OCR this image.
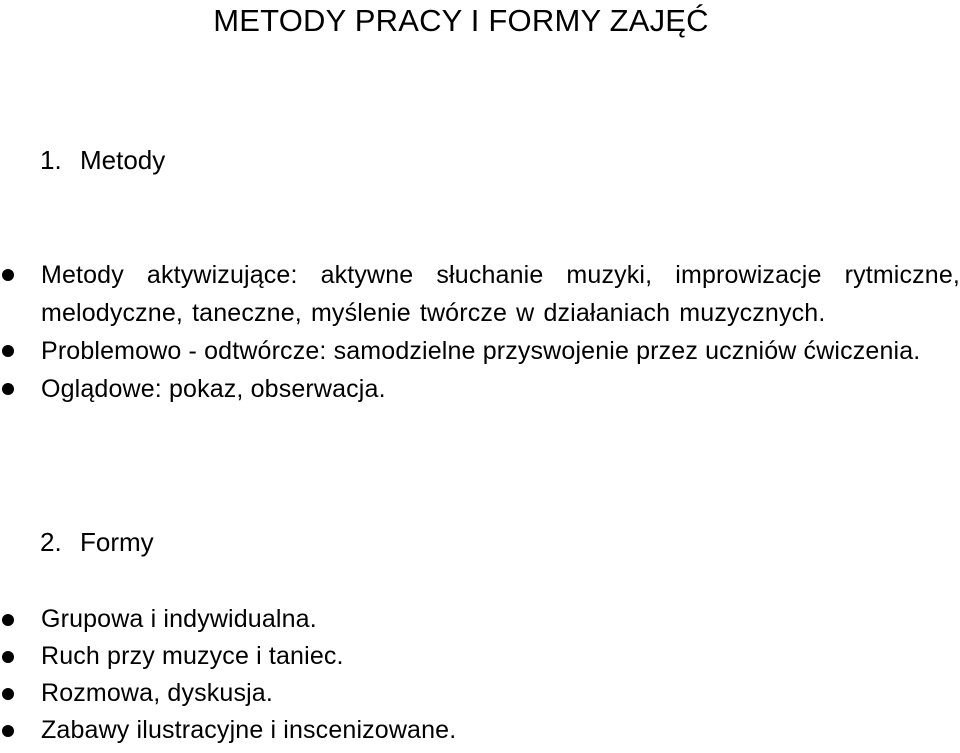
METODY PRACY I FORMY ZAJĘĆ
1. Metody
Metody aktywizujące: aktywne słuchanie muzyki, improwizacje rytmiczne, melodyczne, taneczne, myślenie twórcze w działaniach muzycznych.
Problemowo - odtwórcze: samodzielne przyswojenie przez uczniów ćwiczenia.
Oglądowe: pokaz, obserwacja.
2. Formy
Grupowa i indywidualna.
Ruch przy muzyce i taniec.
Rozmowa, dyskusja.
Zabawy ilustracyjne i inscenizowane.
